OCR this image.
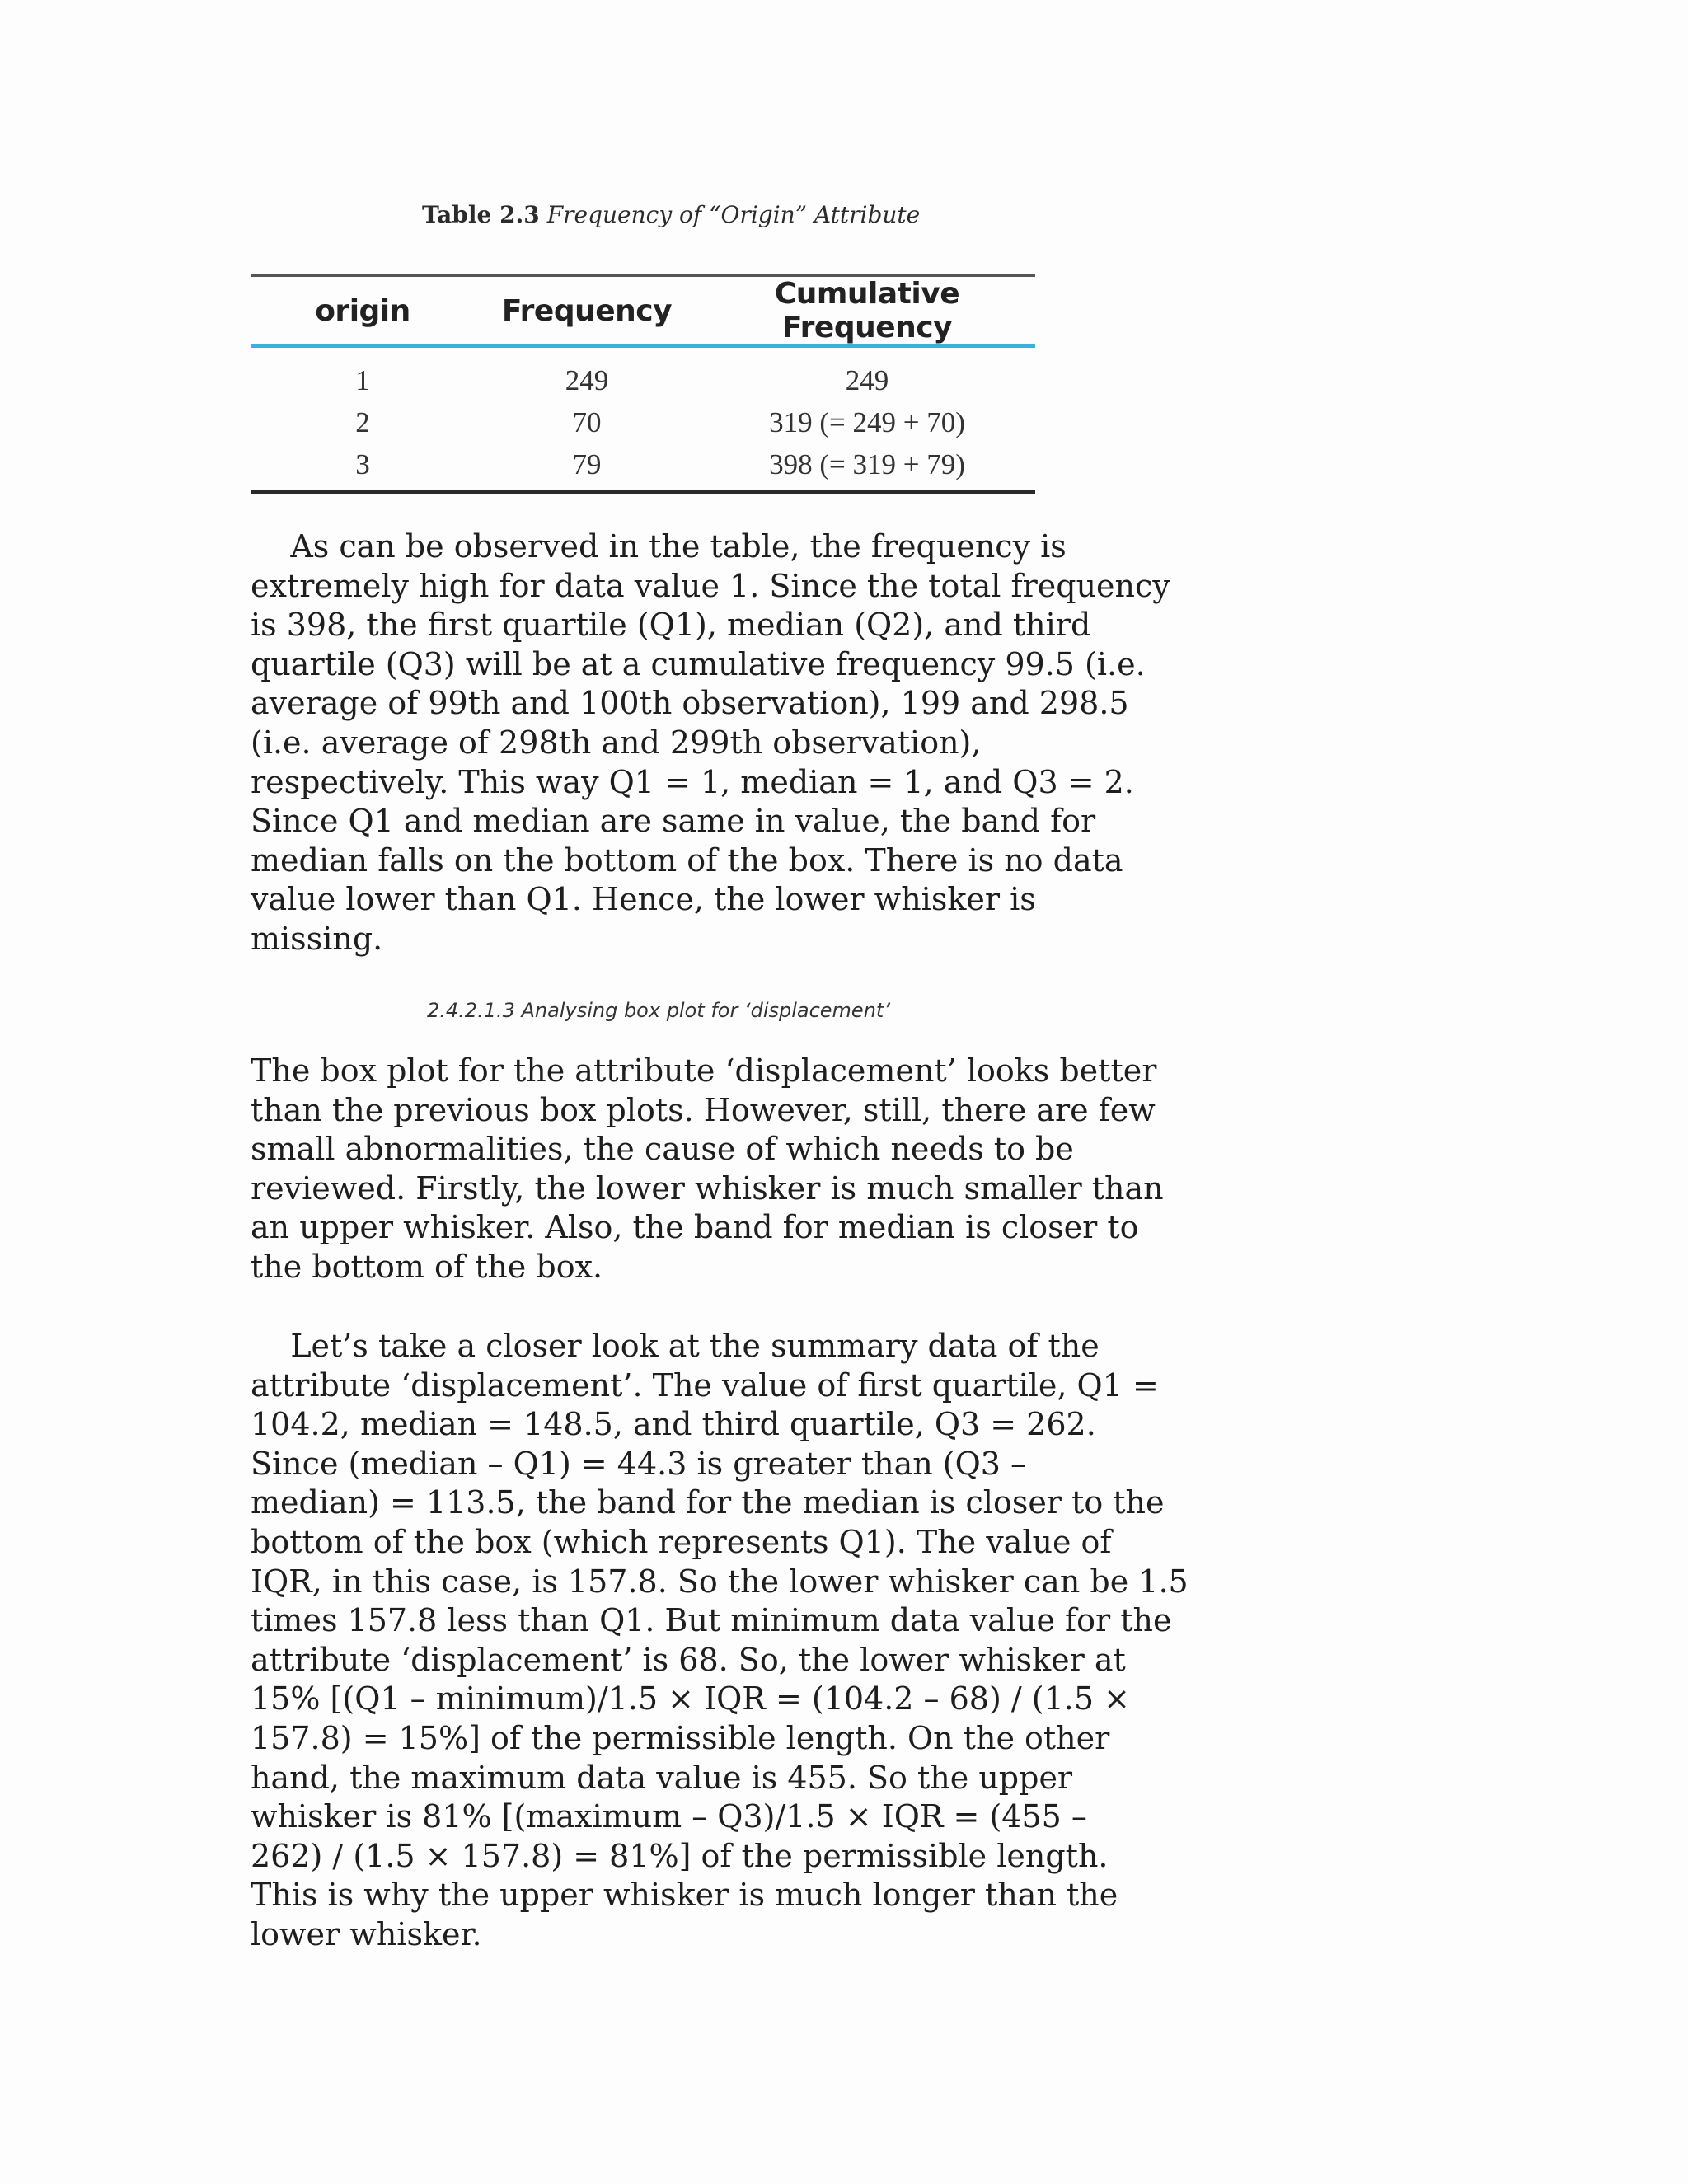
Table 2.3 Frequency of “Origin” Attribute
origin	Frequency	Cumulative Frequency
1	249	249
2	70	319 (= 249 + 70)
3	79	398 (= 319 + 79)
As can be observed in the table, the frequency is
extremely high for data value 1. Since the total frequency
is 398, the first quartile (Q1), median (Q2), and third
quartile (Q3) will be at a cumulative frequency 99.5 (i.e.
average of 99th and 100th observation), 199 and 298.5
(i.e. average of 298th and 299th observation),
respectively. This way Q1 = 1, median = 1, and Q3 = 2.
Since Q1 and median are same in value, the band for
median falls on the bottom of the box. There is no data
value lower than Q1. Hence, the lower whisker is
missing.
2.4.2.1.3 Analysing box plot for ‘displacement’
The box plot for the attribute ‘displacement’ looks better
than the previous box plots. However, still, there are few
small abnormalities, the cause of which needs to be
reviewed. Firstly, the lower whisker is much smaller than
an upper whisker. Also, the band for median is closer to
the bottom of the box.
Let’s take a closer look at the summary data of the
attribute ‘displacement’. The value of first quartile, Q1 =
104.2, median = 148.5, and third quartile, Q3 = 262.
Since (median – Q1) = 44.3 is greater than (Q3 –
median) = 113.5, the band for the median is closer to the
bottom of the box (which represents Q1). The value of
IQR, in this case, is 157.8. So the lower whisker can be 1.5
times 157.8 less than Q1. But minimum data value for the
attribute ‘displacement’ is 68. So, the lower whisker at
15% [(Q1 – minimum)/1.5 × IQR = (104.2 – 68) / (1.5 ×
157.8) = 15%] of the permissible length. On the other
hand, the maximum data value is 455. So the upper
whisker is 81% [(maximum – Q3)/1.5 × IQR = (455 –
262) / (1.5 × 157.8) = 81%] of the permissible length.
This is why the upper whisker is much longer than the
lower whisker.
